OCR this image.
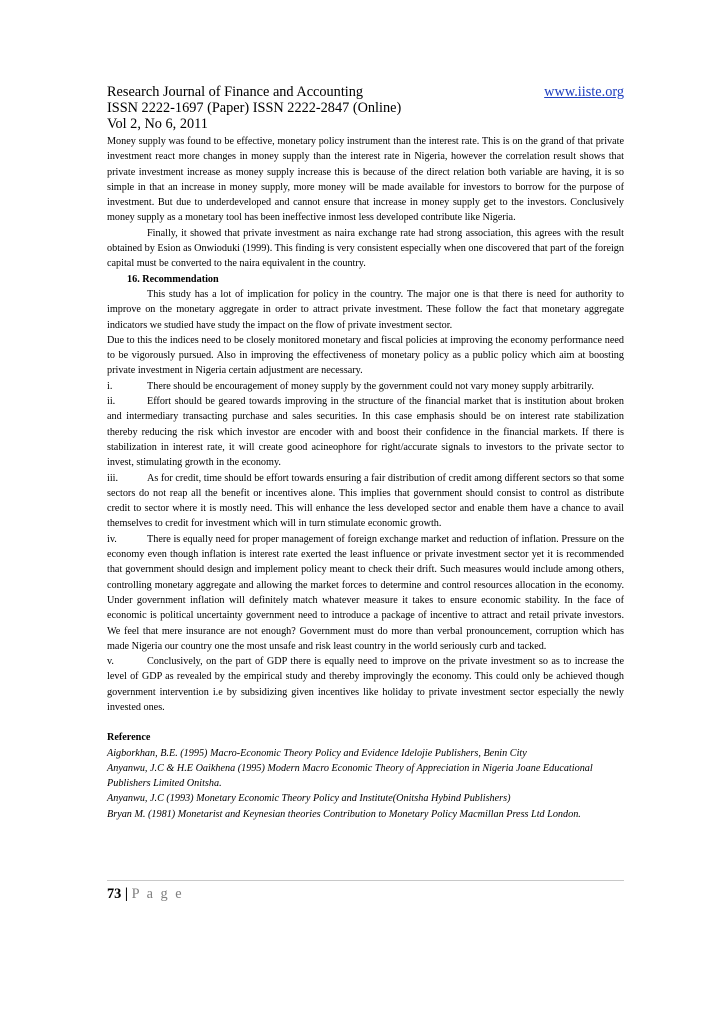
Research Journal of Finance and Accounting	www.iiste.org
ISSN 2222-1697 (Paper) ISSN 2222-2847 (Online)
Vol 2, No 6, 2011

Money supply was found to be effective, monetary policy instrument than the interest rate. This is on the grand of that private investment react more changes in money supply than the interest rate in Nigeria, however the correlation result shows that private investment increase as money supply increase this is because of the direct relation both variable are having, it is so simple in that an increase in money supply, more money will be made available for investors to borrow for the purpose of investment. But due to underdeveloped and cannot ensure that increase in money supply get to the investors. Conclusively money supply as a monetary tool has been ineffective inmost less developed contribute like Nigeria.

Finally, it showed that private investment as naira exchange rate had strong association, this agrees with the result obtained by Esion as Onwioduki (1999). This finding is very consistent especially when one discovered that part of the foreign capital must be converted to the naira equivalent in the country.

16. Recommendation

This study has a lot of implication for policy in the country. The major one is that there is need for authority to improve on the monetary aggregate in order to attract private investment. These follow the fact that monetary aggregate indicators we studied have study the impact on the flow of private investment sector.

Due to this the indices need to be closely monitored monetary and fiscal policies at improving the economy performance need to be vigorously pursued. Also in improving the effectiveness of monetary policy as a public policy which aim at boosting private investment in Nigeria certain adjustment are necessary.

i.	There should be encouragement of money supply by the government could not vary money supply arbitrarily.

ii.	Effort should be geared towards improving in the structure of the financial market that is institution about broken and intermediary transacting purchase and sales securities. In this case emphasis should be on interest rate stabilization thereby reducing the risk which investor are encoder with and boost their confidence in the financial markets. If there is stabilization in interest rate, it will create good acineophore for right/accurate signals to investors to the private sector to invest, stimulating growth in the economy.

iii.	As for credit, time should be effort towards ensuring a fair distribution of credit among different sectors so that some sectors do not reap all the benefit or incentives alone. This implies that government should consist to control as distribute credit to sector where it is mostly need. This will enhance the less developed sector and enable them have a chance to avail themselves to credit for investment which will in turn stimulate economic growth.

iv.	There is equally need for proper management of foreign exchange market and reduction of inflation. Pressure on the economy even though inflation is interest rate exerted the least influence or private investment sector yet it is recommended that government should design and implement policy meant to check their drift. Such measures would include among others, controlling monetary aggregate and allowing the market forces to determine and control resources allocation in the economy. Under government inflation will definitely match whatever measure it takes to ensure economic stability. In the face of economic is political uncertainty government need to introduce a package of incentive to attract and retail private investors. We feel that mere insurance are not enough? Government must do more than verbal pronouncement, corruption which has made Nigeria our country one the most unsafe and risk least country in the world seriously curb and tacked.

v.	Conclusively, on the part of GDP there is equally need to improve on the private investment so as to increase the level of GDP as revealed by the empirical study and thereby improvingly the economy. This could only be achieved though government intervention i.e by subsidizing given incentives like holiday to private investment sector especially the newly invested ones.

Reference

Aigborkhan, B.E. (1995) Macro-Economic Theory Policy and Evidence Idelojie Publishers, Benin City

Anyanwu, J.C & H.E Oaikhena (1995) Modern Macro Economic Theory of Appreciation in Nigeria Joane Educational Publishers Limited Onitsha.

Anyanwu, J.C (1993) Monetary Economic Theory Policy and Institute(Onitsha Hybind Publishers)

Bryan M. (1981) Monetarist and Keynesian theories Contribution to Monetary Policy Macmillan Press Ltd London.

73 | P a g e
